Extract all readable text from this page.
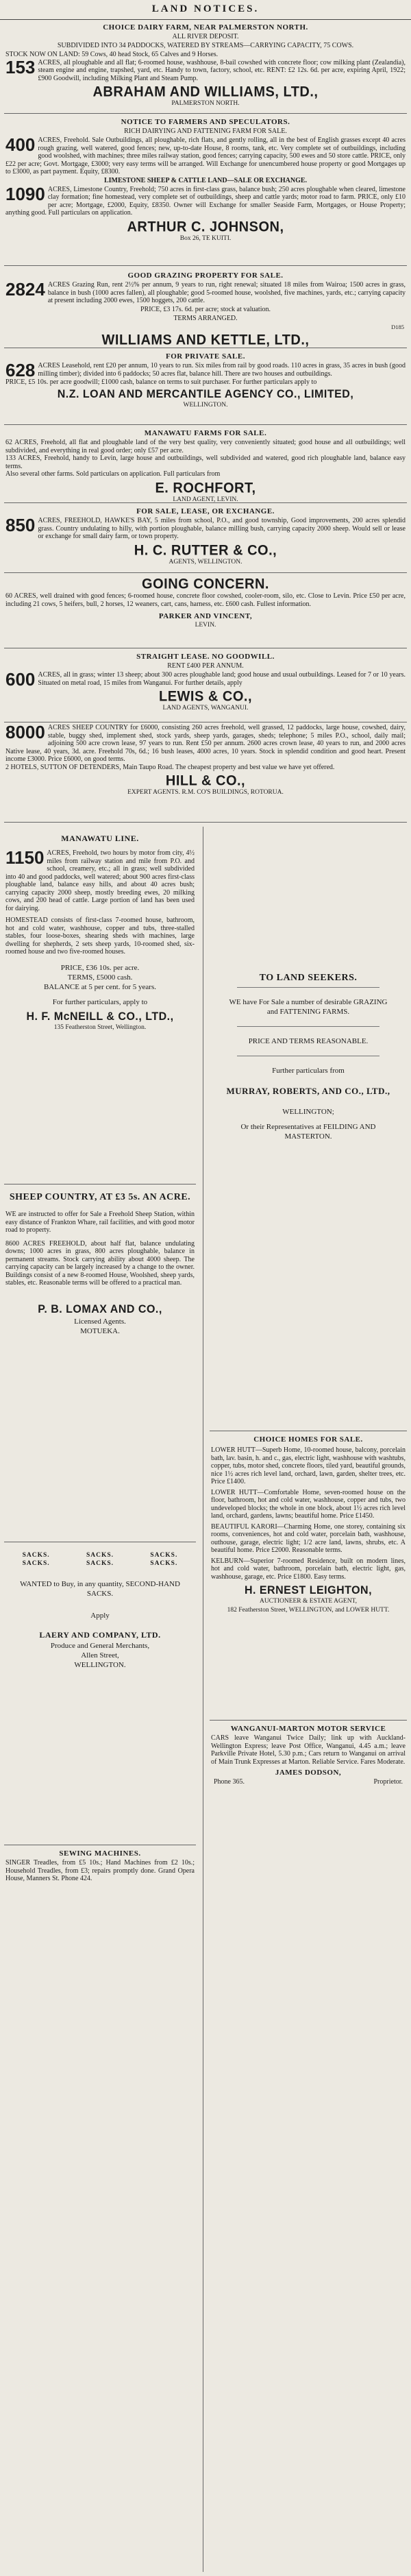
LAND NOTICES.
CHOICE DAIRY FARM, NEAR PALMERSTON NORTH.
ALL RIVER DEPOSIT.
SUBDIVIDED INTO 34 PADDOCKS, WATERED BY STREAMS—CARRYING CAPACITY, 75 COWS.
STOCK NOW ON LAND: 59 Cows, 40 head Stock, 65 Calves and 9 Horses.

153 ACRES, all ploughable and all flat; 6-roomed house, washhouse, 8-bail cowshed with concrete floor; cow milking plant (Zealandia), steam engine and engine, trapshed, yard, etc. Handy to town, factory, school, etc. RENT: £2 12s. 6d. per acre, expiring April, 1922; £900 Goodwill, including Milking Plant and Steam Pump.

ABRAHAM AND WILLIAMS, LTD.,
PALMERSTON NORTH.
NOTICE TO FARMERS AND SPECULATORS.
RICH DAIRYING AND FATTENING FARM FOR SALE.

400 ACRES, Freehold. Sale Outbuildings, all ploughable, rich flats, and gently rolling, all in the best of English grasses except 40 acres rough grazing, well watered, good fences; new, up-to-date House, 8 rooms, tank, etc. Very complete set of outbuildings, including good woolshed, with machines; three miles railway station, good fences; carrying capacity, 500 ewes and 50 store cattle. PRICE, only £22 per acre; Govt. Mortgage, £3000; very easy terms will be arranged. Will Exchange for unencumbered house property or good Mortgages up to £3000, as part payment. Equity, £8300.

LIMESTONE SHEEP & CATTLE LAND—SALE OR EXCHANGE.

1090 ACRES, Limestone Country, Freehold; 750 acres in first-class grass, balance bush; 250 acres ploughable when cleared, limestone clay formation; fine homestead, very complete set of outbuildings, sheep and cattle yards; motor road to farm. PRICE, only £10 per acre; Mortgage, £2000, Equity, £8350. Owner will Exchange for smaller Seaside Farm, Mortgages, or House Property; anything good. Full particulars on application.

ARTHUR C. JOHNSON,
Box 26, TE KUITI.
GOOD GRAZING PROPERTY FOR SALE.

2824 ACRES Grazing Run, rent 2½% per annum, 9 years to run, right renewal; situated 18 miles from Wairoa; 1500 acres in grass, balance in bush (1000 acres fallen), all ploughable; good 5-roomed house, woolshed, five machines, yards, etc.; carrying capacity at present including 2000 ewes, 1500 hoggets, 200 cattle.

PRICE, £3 17s. 6d. per acre; stock at valuation.
TERMS ARRANGED.
D185
WILLIAMS AND KETTLE, LTD.,
FOR PRIVATE SALE.

628 ACRES Leasehold, rent £20 per annum, 10 years to run. Six miles from rail by good roads. 110 acres in grass, 35 acres in bush (good milling timber); divided into 6 paddocks; 50 acres flat, balance hill. There are two houses and outbuildings.

PRICE, £5 10s. per acre goodwill; £1000 cash, balance on terms to suit purchaser. For further particulars apply to
N.Z. LOAN AND MERCANTILE AGENCY CO., LIMITED,
WELLINGTON.
MANAWATU FARMS FOR SALE.
62 ACRES, Freehold, all flat and ploughable land of the very best quality, very conveniently situated; good house and all outbuildings; well subdivided, and everything in real good order; only £57 per acre.
133 ACRES, Freehold, handy to Levin, large house and outbuildings, well subdivided and watered, good rich ploughable land, balance easy terms.
Also several other farms. Sold particulars on application. Full particulars from
E. ROCHFORT,
LAND AGENT, LEVIN.
FOR SALE, LEASE, OR EXCHANGE.

850 ACRES, FREEHOLD, HAWKE'S BAY, 5 miles from school, P.O., and good township, Good improvements, 200 acres splendid grass. Country undulating to hilly, with portion ploughable, balance milling bush, carrying capacity 2000 sheep. Would sell or lease or exchange for small dairy farm, or town property.

H. C. RUTTER & CO.,
AGENTS, WELLINGTON.
GOING CONCERN.
60 ACRES, well drained with good fences; 6-roomed house, concrete floor cowshed, cooler-room, silo, etc. Close to Levin. Price £50 per acre, including 21 cows, 5 heifers, bull, 2 horses, 12 weaners, cart, cans, harness, etc. £600 cash. Fullest information.
PARKER AND VINCENT,
LEVIN.
STRAIGHT LEASE. NO GOODWILL.
RENT £400 PER ANNUM.

600 ACRES, all in grass; winter 13 sheep; about 300 acres ploughable land; good house and usual outbuildings. Leased for 7 or 10 years. Situated on metal road, 15 miles from Wanganui. For further details, apply

LEWIS & CO.,
LAND AGENTS, WANGANUI.

8000 ACRES SHEEP COUNTRY for £6000, consisting 260 acres freehold, well grassed, 12 paddocks, large house, cowshed, dairy, stable, buggy shed, implement shed, stock yards, sheep yards, garages, sheds; telephone; 5 miles P.O., school, daily mail; adjoining 500 acre crown lease, 97 years to run. Rent £50 per annum. 2600 acres crown lease, 40 years to run, and 2000 acres Native lease, 40 years, 3d. acre. Freehold 70s, 6d.; 16 bush leases, 4000 acres, 10 years. Stock in splendid condition and good heart. Present income £3000. Price £6000, on good terms.

2 HOTELS, SUTTON OF DETENDERS, Main Taupo Road. The cheapest property and best value we have yet offered.
HILL & CO.,
EXPERT AGENTS. R.M. CO'S BUILDINGS, ROTORUA.
MANAWATU LINE.

1150 ACRES, Freehold, two hours by motor from city, 4½ miles from railway station and mile from P.O. and school, creamery, etc.; all in grass; well subdivided into 40 and good paddocks, well watered; about 900 acres first-class ploughable land, balance easy hills, and about 40 acres bush; carrying capacity 2000 sheep, mostly breeding ewes, 20 milking cows, and 200 head of cattle. Large portion of land has been used for dairying.

HOMESTEAD consists of first-class 7-roomed house, bathroom, hot and cold water, washhouse, copper and tubs, three-stalled stables, four loose-boxes, shearing sheds with machines, large dwelling for shepherds, 2 sets sheep yards, 10-roomed shed, six-roomed house and two five-roomed houses.
PRICE, £36 10s. per acre.
TERMS, £5000 cash.
BALANCE at 5 per cent. for 5 years.
For further particulars, apply to
H. F. McNEILL & CO., LTD.,
135 Featherston Street, Wellington.
TO LAND SEEKERS.
WE have For Sale a number of desirable GRAZING and FATTENING FARMS.
PRICE AND TERMS REASONABLE.
Further particulars from
MURRAY, ROBERTS, AND CO., LTD.,
WELLINGTON;
Or their Representatives at FEILDING AND MASTERTON.
SHEEP COUNTRY, AT £3 5s. AN ACRE.
WE are instructed to offer for Sale a Freehold Sheep Station, within easy distance of Frankton Whare, rail facilities, and with good motor road to property.
8600 ACRES FREEHOLD, about half flat, balance undulating downs; 1000 acres in grass, 800 acres ploughable, balance in permanent streams. Stock carrying ability about 4000 sheep. The carrying capacity can be largely increased by a change to the owner. Buildings consist of a new 8-roomed House, Woolshed, sheep yards, stables, etc. Reasonable terms will be offered to a practical man.
P. B. LOMAX AND CO.,
Licensed Agents.
MOTUEKA.
SACKS.	SACKS.	SACKS.
SACKS.	SACKS.	SACKS.
WANTED to Buy, in any quantity, SECOND-HAND SACKS.
Apply
LAERY AND COMPANY, LTD.
Produce and General Merchants,
Allen Street,
WELLINGTON.
SEWING MACHINES.
SINGER Treadles, from £5 10s.; Hand Machines from £2 10s.; Household Treadles, from £3; repairs promptly done. Grand Opera House, Manners St. Phone 424.
CHOICE HOMES FOR SALE.
LOWER HUTT—Superb Home, 10-roomed house, balcony, porcelain bath, lav. basin, h. and c., gas, electric light, washhouse with washtubs, copper, tubs, motor shed, concrete floors, tiled yard, beautiful grounds, nice 1½ acres rich level land, orchard, lawn, garden, shelter trees, etc. Price £1400.
LOWER HUTT—Comfortable Home, seven-roomed house on the floor, bathroom, hot and cold water, washhouse, copper and tubs, two undeveloped blocks; the whole in one block, about 1½ acres rich level land, orchard, gardens, lawns; beautiful home. Price £1450.
BEAUTIFUL KARORI—Charming Home, one storey, containing six rooms, conveniences, hot and cold water, porcelain bath, washhouse, outhouse, garage, electric light; 1/2 acre land, lawns, shrubs, etc. A beautiful home. Price £2000. Reasonable terms.
KELBURN—Superior 7-roomed Residence, built on modern lines, hot and cold water, bathroom, porcelain bath, electric light, gas, washhouse, garage, etc. Price £1800. Easy terms.
H. ERNEST LEIGHTON,
AUCTIONEER & ESTATE AGENT,
182 Featherston Street, WELLINGTON, and LOWER HUTT.
WANGANUI-MARTON MOTOR SERVICE
CARS leave Wanganui Twice Daily; link up with Auckland-Wellington Express; leave Post Office, Wanganui, 4.45 a.m.; leave Parkville Private Hotel, 5.30 p.m.; Cars return to Wanganui on arrival of Main Trunk Expresses at Marton. Reliable Service. Fares Moderate.
JAMES DODSON,
Phone 365.	Proprietor.
